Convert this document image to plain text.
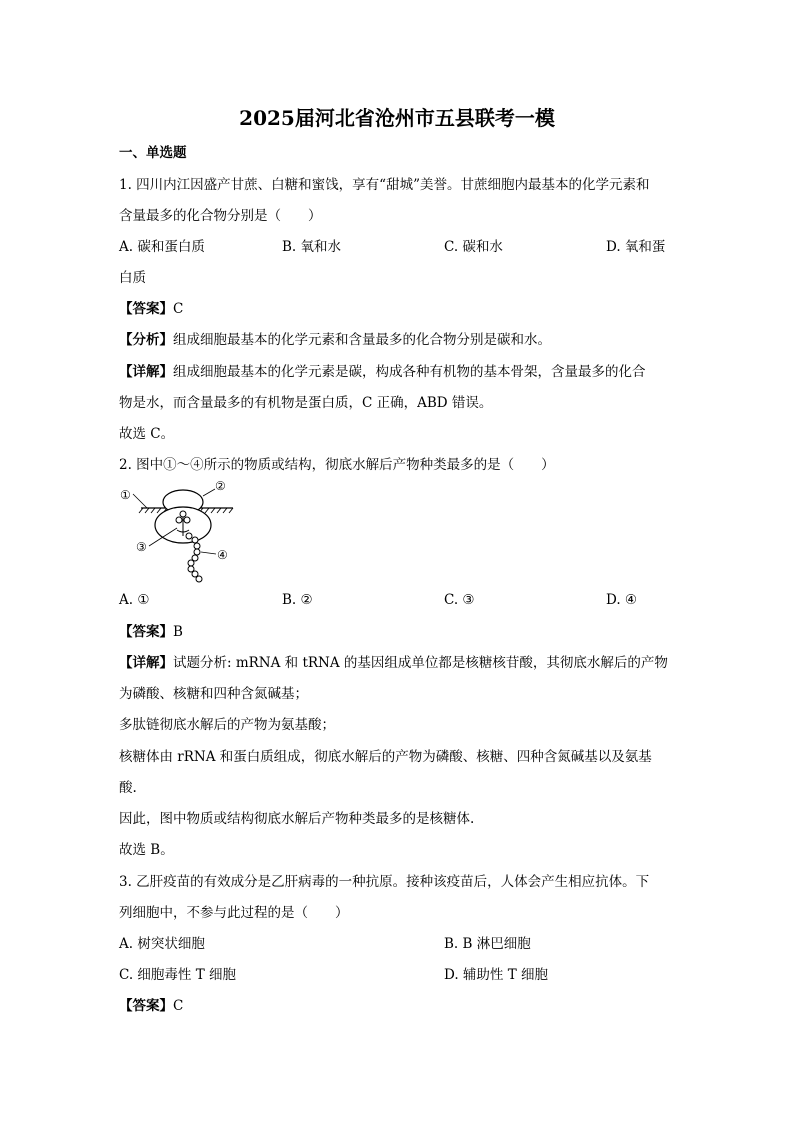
2025届河北省沧州市五县联考一模
一、单选题
1. 四川内江因盛产甘蔗、白糖和蜜饯，享有“甜城”美誉。甘蔗细胞内最基本的化学元素和
含量最多的化合物分别是（　　）
A. 碳和蛋白质	B. 氧和水	C. 碳和水	D. 氧和蛋
白质
【答案】C
【分析】组成细胞最基本的化学元素和含量最多的化合物分别是碳和水。
【详解】组成细胞最基本的化学元素是碳，构成各种有机物的基本骨架，含量最多的化合
物是水，而含量最多的有机物是蛋白质，C 正确，ABD 错误。
故选 C。
2. 图中①～④所示的物质或结构，彻底水解后产物种类最多的是（　　）
①
②
③
④
A. ①	B. ②	C. ③	D. ④
【答案】B
【详解】试题分析: mRNA 和 tRNA 的基因组成单位都是核糖核苷酸，其彻底水解后的产物
为磷酸、核糖和四种含氮碱基；
多肽链彻底水解后的产物为氨基酸；
核糖体由 rRNA 和蛋白质组成，彻底水解后的产物为磷酸、核糖、四种含氮碱基以及氨基
酸.
因此，图中物质或结构彻底水解后产物种类最多的是核糖体.
故选 B。
3. 乙肝疫苗的有效成分是乙肝病毒的一种抗原。接种该疫苗后，人体会产生相应抗体。下
列细胞中，不参与此过程的是（　　）
A. 树突状细胞	B. B 淋巴细胞
C. 细胞毒性 T 细胞	D. 辅助性 T 细胞
【答案】C
